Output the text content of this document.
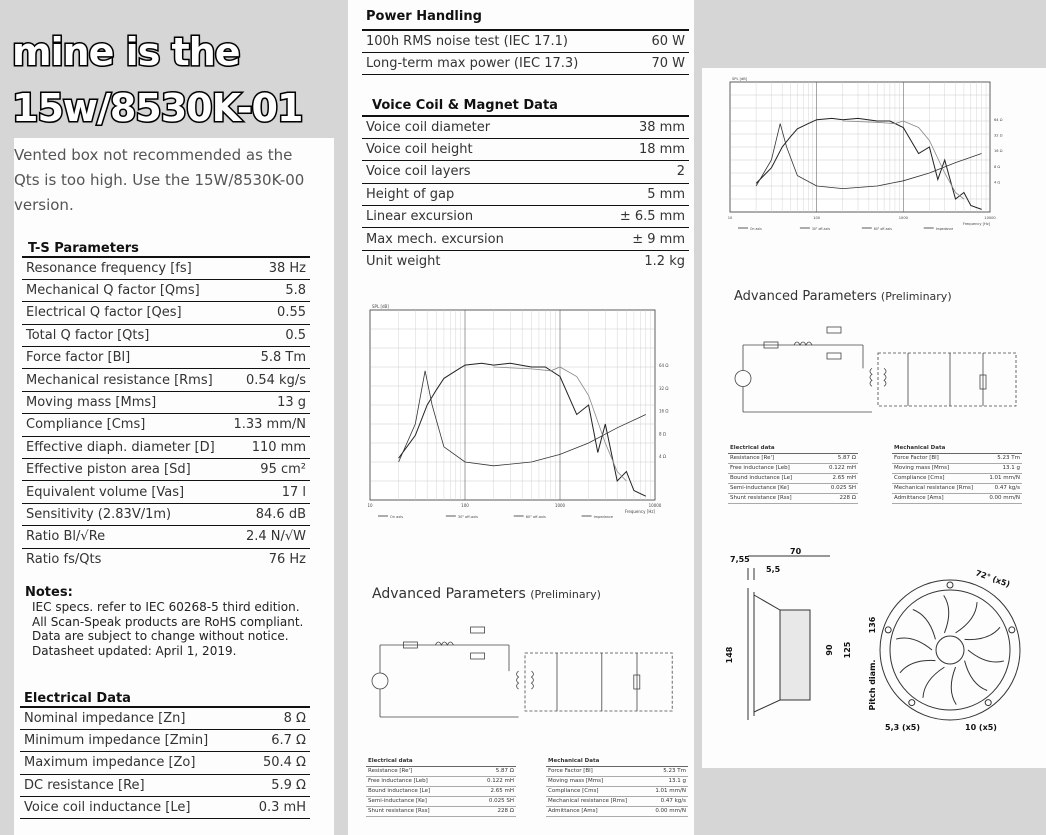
mine is the
15w/8530K-01
Vented box not recommended as the Qts is too high. Use the 15W/8530K-00 version.
T-S Parameters
Resonance frequency [fs]	38 Hz
Mechanical Q factor [Qms]	5.8
Electrical Q factor [Qes]	0.55
Total Q factor [Qts]	0.5
Force factor [Bl]	5.8 Tm
Mechanical resistance [Rms]	0.54 kg/s
Moving mass [Mms]	13 g
Compliance [Cms]	1.33 mm/N
Effective diaph. diameter [D]	110 mm
Effective piston area [Sd]	95 cm²
Equivalent volume [Vas]	17 l
Sensitivity (2.83V/1m)	84.6 dB
Ratio Bl/√Re	2.4 N/√W
Ratio fs/Qts	76 Hz
Notes:
IEC specs. refer to IEC 60268-5 third edition.
All Scan-Speak products are RoHS compliant.
Data are subject to change without notice.
Datasheet updated: April 1, 2019.
Electrical Data
Nominal impedance [Zn]	8 Ω
Minimum impedance [Zmin]	6.7 Ω
Maximum impedance [Zo]	50.4 Ω
DC resistance [Re]	5.9 Ω
Voice coil inductance [Le]	0.3 mH
Power Handling
100h RMS noise test (IEC 17.1)	60 W
Long-term max power (IEC 17.3)	70 W
Voice Coil & Magnet Data
Voice coil diameter	38 mm
Voice coil height	18 mm
Voice coil layers	2
Height of gap	5 mm
Linear excursion	± 6.5 mm
Max mech. excursion	± 9 mm
Unit weight	1.2 kg
SPL [dB]
10	100	1000	10000
Frequency [Hz]
64 Ω
32 Ω
16 Ω
8 Ω
4 Ω
On axis	30° off-axis	60° off-axis	Impedance
SPL [dB]
10	100	1000	10000
Frequency [Hz]
64 Ω
32 Ω
16 Ω
8 Ω
4 Ω
On axis	30° off-axis	60° off-axis	Impedance
Advanced Parameters (Preliminary)
Electrical data	
Resistance [Re']	5.87 Ω
Free inductance [Leb]	0.122 mH
Bound inductance [Le]	2.65 mH
Semi-inductance [Ke]	0.025 SH
Shunt resistance [Rss]	228 Ω
Mechanical Data	
Force Factor [Bl]	5.23 Tm
Moving mass [Mms]	13.1 g
Compliance [Cms]	1.01 mm/N
Mechanical resistance [Rms]	0.47 kg/s
Admittance [Ams]	0.00 mm/N
Advanced Parameters (Preliminary)
Electrical data	
Resistance [Re']	5.87 Ω
Free inductance [Leb]	0.122 mH
Bound inductance [Le]	2.65 mH
Semi-inductance [Ke]	0.025 SH
Shunt resistance [Rss]	228 Ω
Mechanical Data	
Force Factor [Bl]	5.23 Tm
Moving mass [Mms]	13.1 g
Compliance [Cms]	1.01 mm/N
Mechanical resistance [Rms]	0.47 kg/s
Admittance [Ams]	0.00 mm/N
7,55
5,5
70
148	90 125
136
Pitch diam.
72° (x5)
5,3 (x5)	10 (x5)
